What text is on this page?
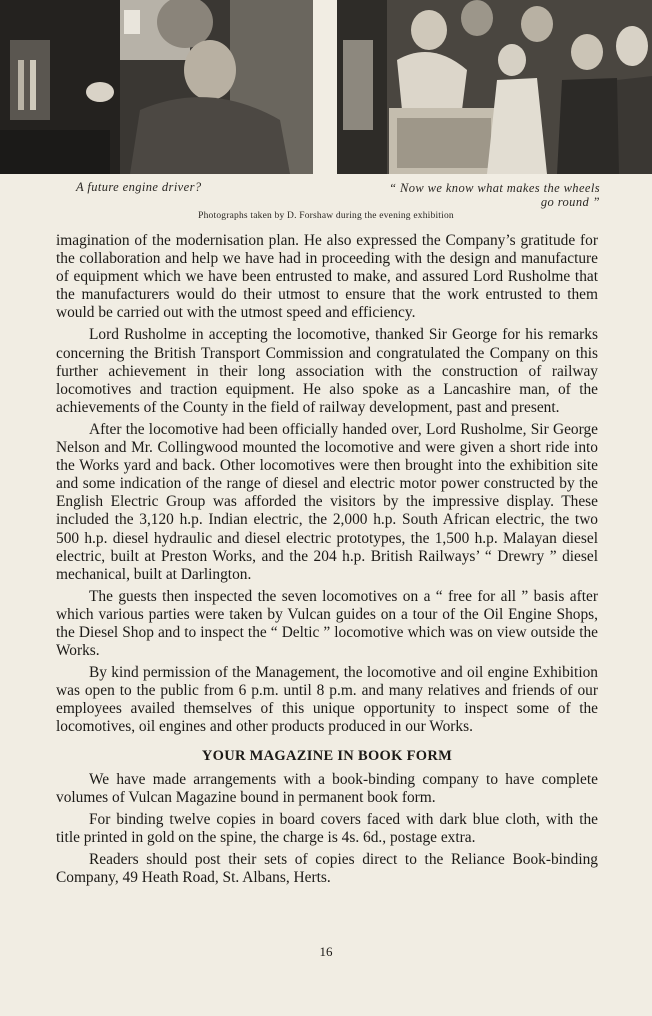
A future engine driver?	“ Now we know what makes the wheels go round ”
Photographs taken by D. Forshaw during the evening exhibition

imagination of the modernisation plan. He also expressed the Company’s gratitude for the collaboration and help we have had in proceeding with the design and manufacture of equipment which we have been entrusted to make, and assured Lord Rusholme that the manufacturers would do their utmost to ensure that the work entrusted to them would be carried out with the utmost speed and efficiency.

Lord Rusholme in accepting the locomotive, thanked Sir George for his remarks concerning the British Transport Commission and congratulated the Company on this further achievement in their long association with the construction of railway locomotives and traction equipment. He also spoke as a Lancashire man, of the achievements of the County in the field of railway development, past and present.

After the locomotive had been officially handed over, Lord Rusholme, Sir George Nelson and Mr. Collingwood mounted the locomotive and were given a short ride into the Works yard and back. Other locomotives were then brought into the exhibition site and some indication of the range of diesel and electric motor power constructed by the English Electric Group was afforded the visitors by the impressive display. These included the 3,120 h.p. Indian electric, the 2,000 h.p. South African electric, the two 500 h.p. diesel hydraulic and diesel electric prototypes, the 1,500 h.p. Malayan diesel electric, built at Preston Works, and the 204 h.p. British Railways’ “ Drewry ” diesel mechanical, built at Darlington.

The guests then inspected the seven locomotives on a “ free for all ” basis after which various parties were taken by Vulcan guides on a tour of the Oil Engine Shops, the Diesel Shop and to inspect the “ Deltic ” locomotive which was on view outside the Works.

By kind permission of the Management, the locomotive and oil engine Exhibition was open to the public from 6 p.m. until 8 p.m. and many relatives and friends of our employees availed themselves of this unique opportunity to inspect some of the locomotives, oil engines and other products produced in our Works.

YOUR MAGAZINE IN BOOK FORM

We have made arrangements with a book-binding company to have complete volumes of Vulcan Magazine bound in permanent book form.

For binding twelve copies in board covers faced with dark blue cloth, with the title printed in gold on the spine, the charge is 4s. 6d., postage extra.

Readers should post their sets of copies direct to the Reliance Book-binding Company, 49 Heath Road, St. Albans, Herts.

16
